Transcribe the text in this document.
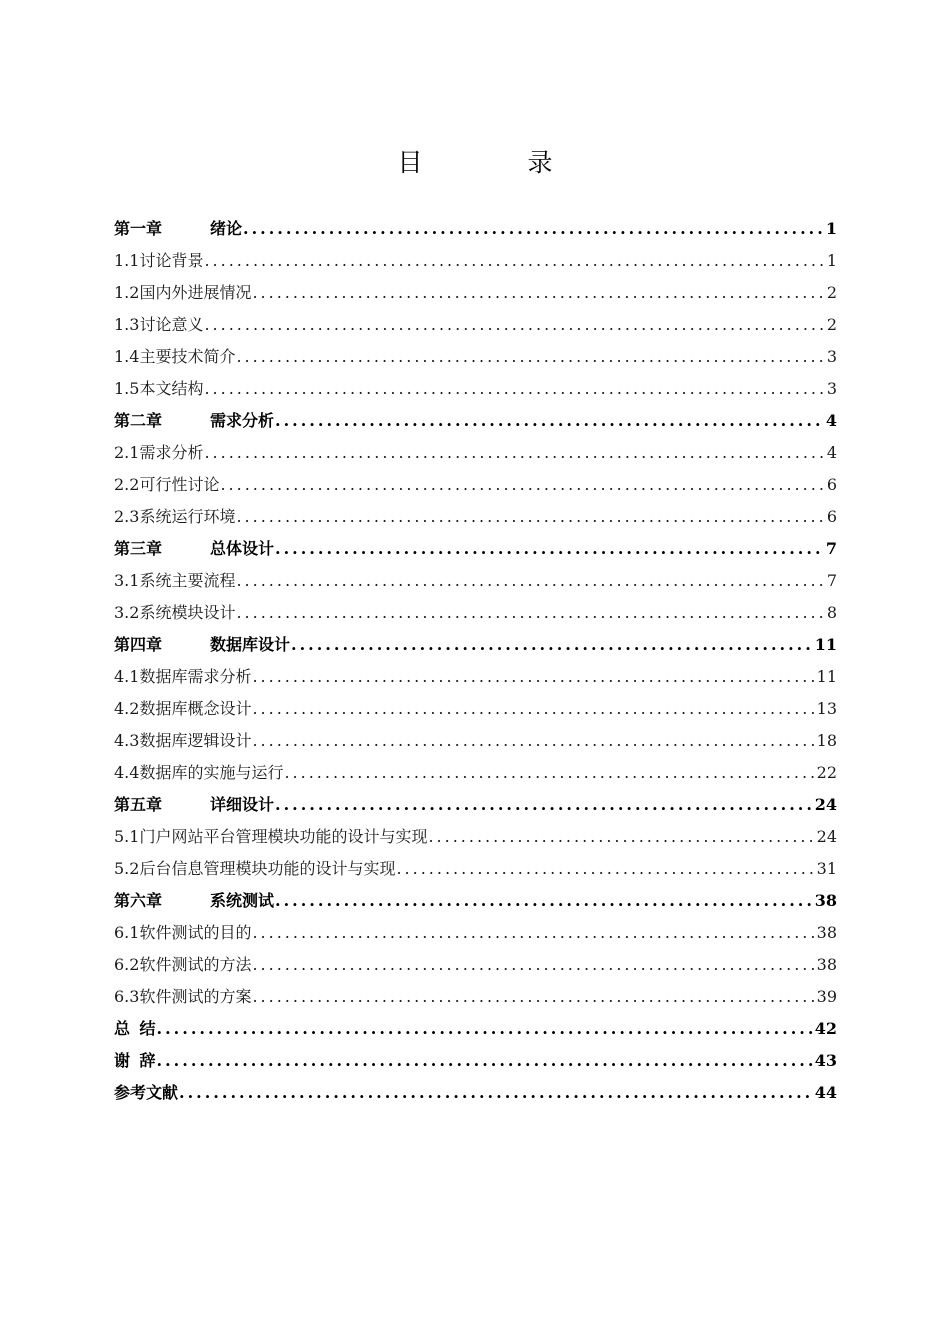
目　录
第一章	绪论 .....	1
1.1讨论背景 .....	1
1.2国内外进展情况 .....	2
1.3讨论意义 .....	2
1.4主要技术简介 .....	3
1.5本文结构 .....	3
第二章	需求分析 .....	4
2.1需求分析 .....	4
2.2可行性讨论 .....	6
2.3系统运行环境 .....	6
第三章	总体设计 .....	7
3.1系统主要流程 .....	7
3.2系统模块设计 .....	8
第四章	数据库设计 .....	11
4.1数据库需求分析 .....	11
4.2数据库概念设计 .....	13
4.3数据库逻辑设计 .....	18
4.4数据库的实施与运行 .....	22
第五章	详细设计 .....	24
5.1门户网站平台管理模块功能的设计与实现 .....	24
5.2后台信息管理模块功能的设计与实现 .....	31
第六章	系统测试 .....	38
6.1软件测试的目的 .....	38
6.2软件测试的方法 .....	38
6.3软件测试的方案 .....	39
总 结 .....	42
谢 辞 .....	43
参考文献 .....	44
